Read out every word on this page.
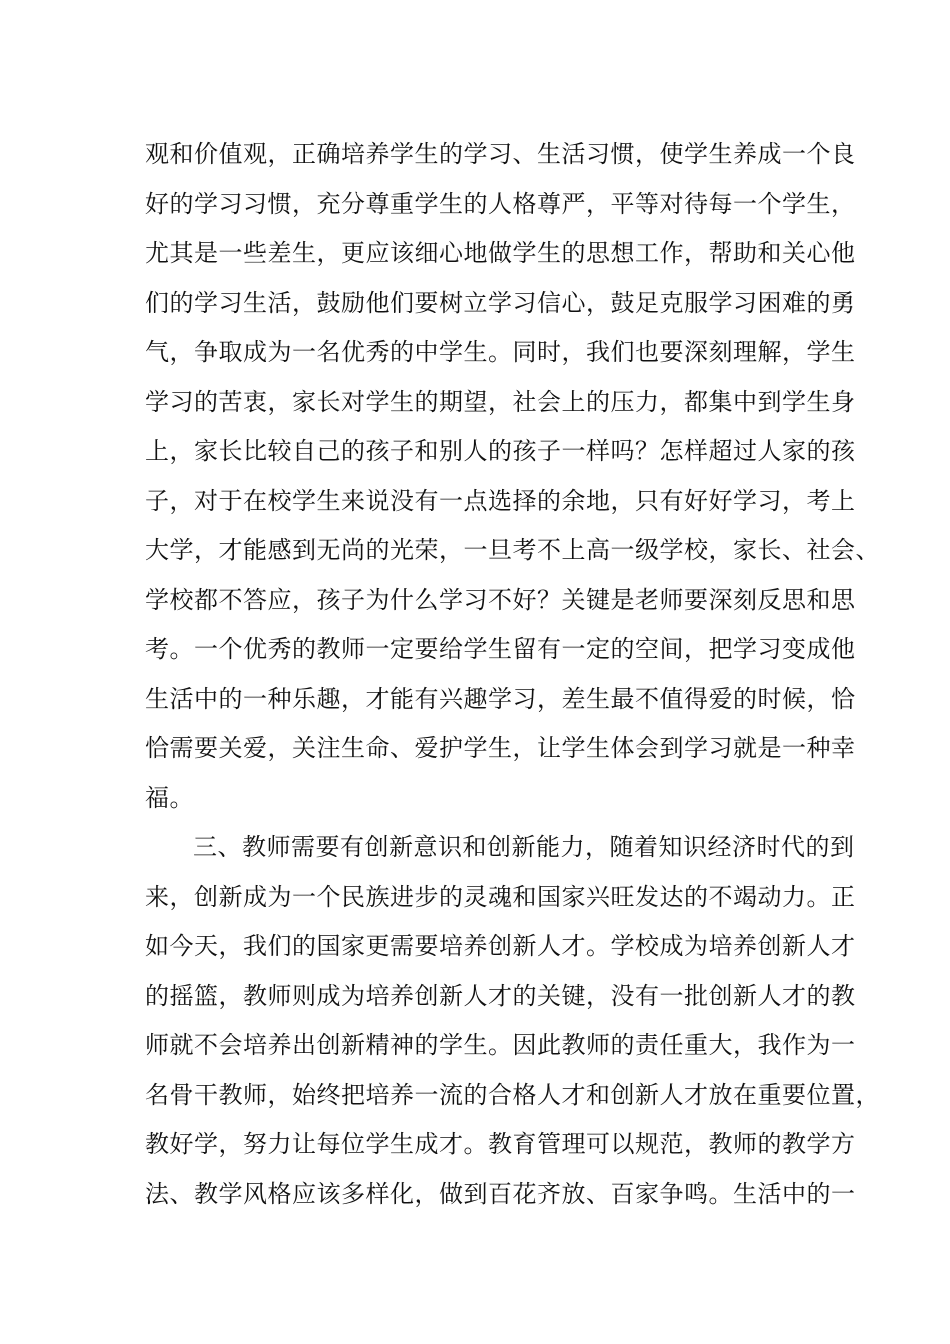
观和价值观，正确培养学生的学习、生活习惯，使学生养成一个良
好的学习习惯，充分尊重学生的人格尊严，平等对待每一个学生，
尤其是一些差生，更应该细心地做学生的思想工作，帮助和关心他
们的学习生活，鼓励他们要树立学习信心，鼓足克服学习困难的勇
气，争取成为一名优秀的中学生。同时，我们也要深刻理解，学生
学习的苦衷，家长对学生的期望，社会上的压力，都集中到学生身
上，家长比较自己的孩子和别人的孩子一样吗？怎样超过人家的孩
子，对于在校学生来说没有一点选择的余地，只有好好学习，考上
大学，才能感到无尚的光荣，一旦考不上高一级学校，家长、社会、
学校都不答应，孩子为什么学习不好？关键是老师要深刻反思和思
考。一个优秀的教师一定要给学生留有一定的空间，把学习变成他
生活中的一种乐趣，才能有兴趣学习，差生最不值得爱的时候，恰
恰需要关爱，关注生命、爱护学生，让学生体会到学习就是一种幸
福。
三、教师需要有创新意识和创新能力，随着知识经济时代的到
来，创新成为一个民族进步的灵魂和国家兴旺发达的不竭动力。正
如今天，我们的国家更需要培养创新人才。学校成为培养创新人才
的摇篮，教师则成为培养创新人才的关键，没有一批创新人才的教
师就不会培养出创新精神的学生。因此教师的责任重大，我作为一
名骨干教师，始终把培养一流的合格人才和创新人才放在重要位置，
教好学，努力让每位学生成才。教育管理可以规范，教师的教学方
法、教学风格应该多样化，做到百花齐放、百家争鸣。生活中的一
